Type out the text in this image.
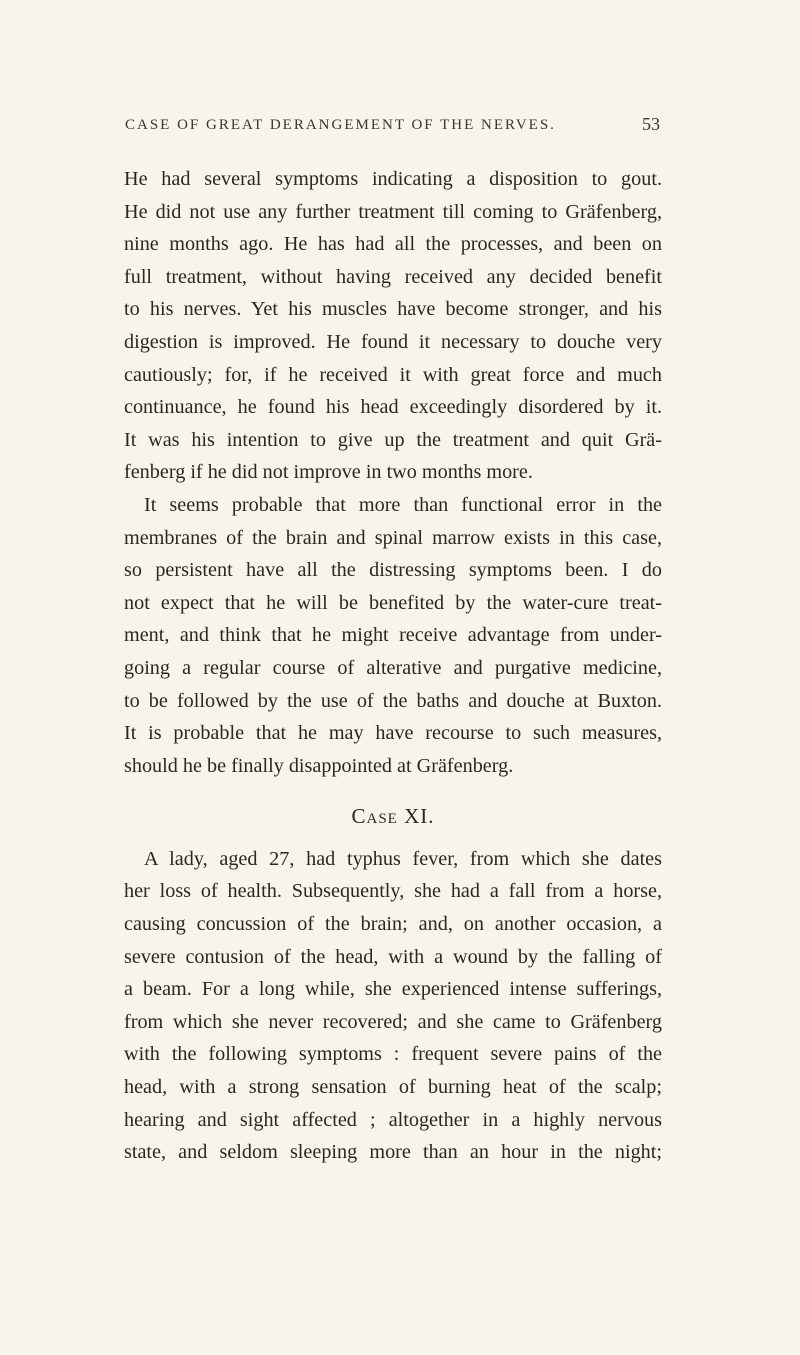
CASE OF GREAT DERANGEMENT OF THE NERVES.	53
He had several symptoms indicating a disposition to gout.
He did not use any further treatment till coming to Gräfenberg,
nine months ago. He has had all the processes, and been on
full treatment, without having received any decided benefit
to his nerves. Yet his muscles have become stronger, and his
digestion is improved. He found it necessary to douche very
cautiously; for, if he received it with great force and much
continuance, he found his head exceedingly disordered by it.
It was his intention to give up the treatment and quit Grä-
fenberg if he did not improve in two months more.
It seems probable that more than functional error in the
membranes of the brain and spinal marrow exists in this case,
so persistent have all the distressing symptoms been. I do
not expect that he will be benefited by the water-cure treat-
ment, and think that he might receive advantage from under-
going a regular course of alterative and purgative medicine,
to be followed by the use of the baths and douche at Buxton.
It is probable that he may have recourse to such measures,
should he be finally disappointed at Gräfenberg.
Case XI.
A lady, aged 27, had typhus fever, from which she dates
her loss of health. Subsequently, she had a fall from a horse,
causing concussion of the brain; and, on another occasion, a
severe contusion of the head, with a wound by the falling of
a beam. For a long while, she experienced intense sufferings,
from which she never recovered; and she came to Gräfenberg
with the following symptoms : frequent severe pains of the
head, with a strong sensation of burning heat of the scalp;
hearing and sight affected ; altogether in a highly nervous
state, and seldom sleeping more than an hour in the night;
